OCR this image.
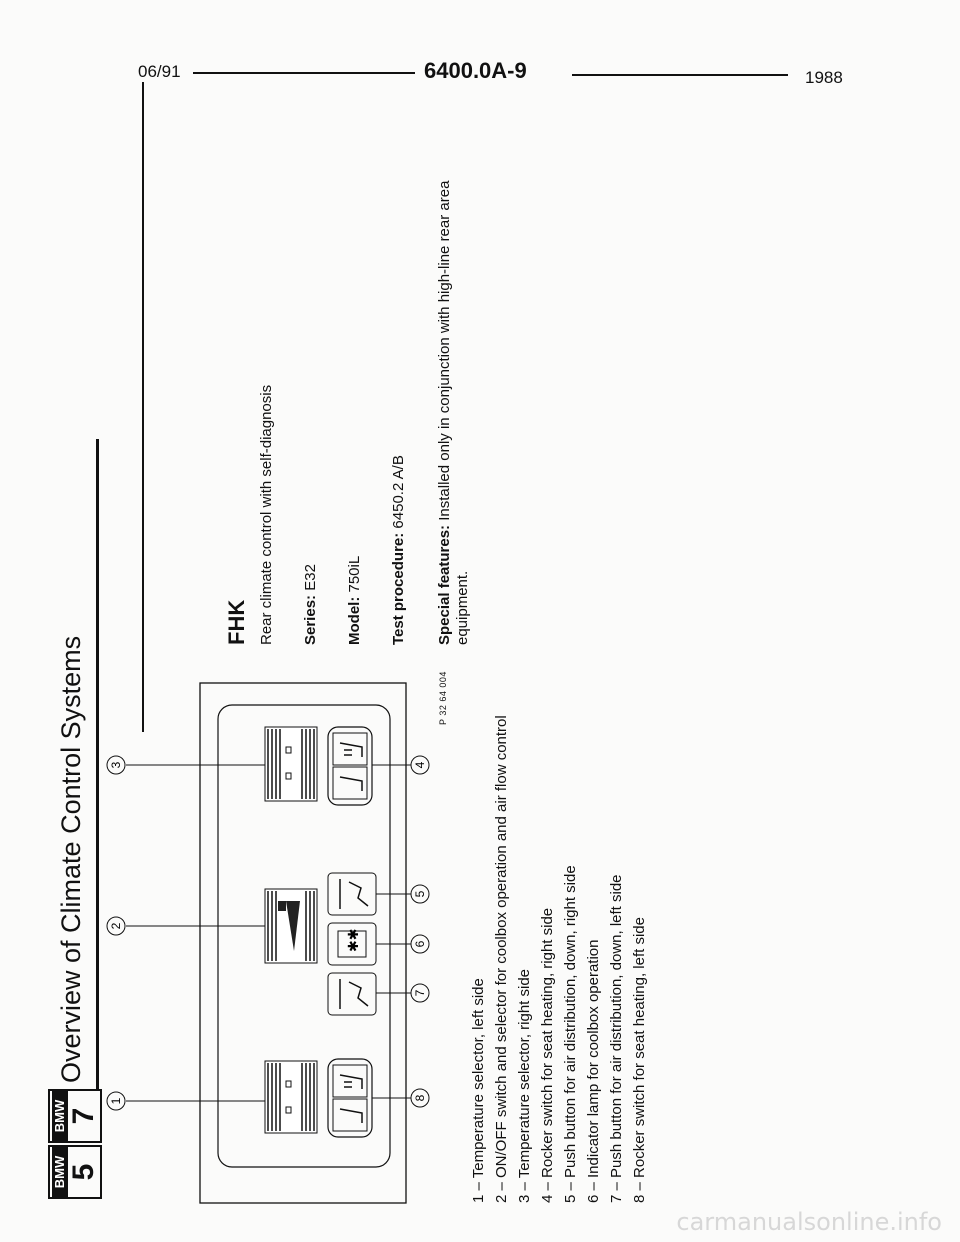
06/91	6400.0A-9	1988
BMW 5
BMW 7
Overview of Climate Control Systems	✱✱
1
2
3	4
5
6
7
8
P 32 64 004
1 – Temperature selector, left side 2 – ON/OFF switch and selector for coolbox operation and air flow control 3 – Temperature selector, right side 4 – Rocker switch for seat heating, right side 5 – Push button for air distribution, down, right side 6 – Indicator lamp for coolbox operation 7 – Push button for air distribution, down, left side 8 – Rocker switch for seat heating, left side
FHK Rear climate control with self-diagnosis Series: E32
Model: 750iL Test procedure: 6450.2 A/B
Special features: Installed only in conjunction with high-line rear area
equipment.
carmanualsonline.info
